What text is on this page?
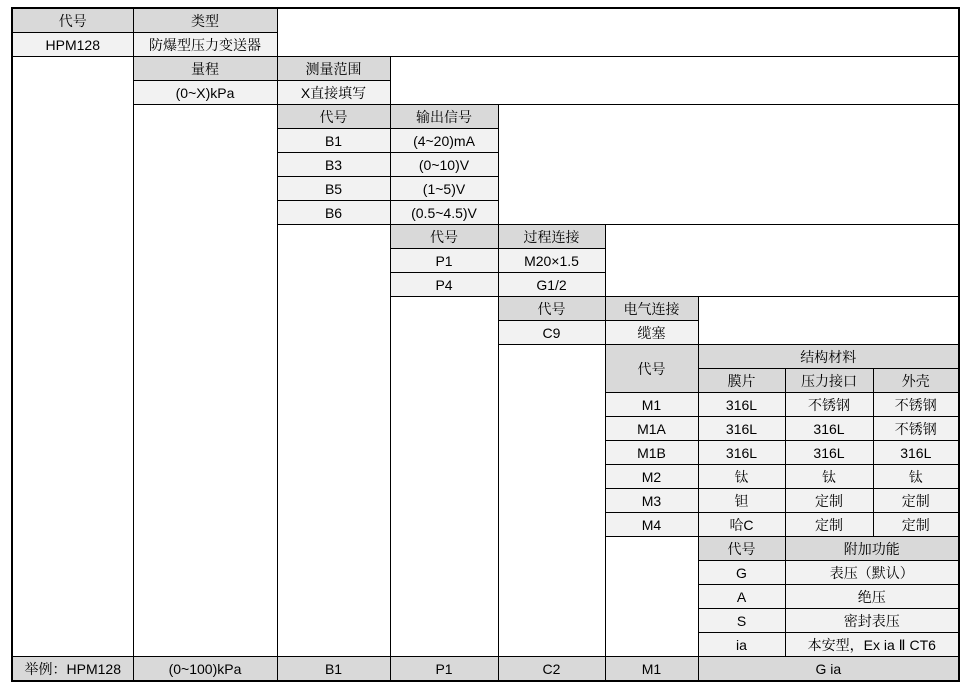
代号	类型							
HPM128	防爆型压力变送器							
	量程	测量范围						
	(0~X)kPa	X直接填写						
		代号	输出信号					
		B1	(4~20)mA					
		B3	(0~10)V					
		B5	(1~5)V					
		B6	(0.5~4.5)V					
			代号	过程连接				
			P1	M20×1.5				
			P4	G1/2				
				代号	电气连接			
				C9	缆塞			
					代号	结构材料		
						膜片	压力接口	外壳
					M1	316L	不锈钢	不锈钢
					M1A	316L	316L	不锈钢
					M1B	316L	316L	316L
					M2	钛	钛	钛
					M3	钽	定制	定制
					M4	哈C	定制	定制
						代号	附加功能	
						G	表压（默认）	
						A	绝压	
						S	密封表压	
						ia	本安型，Ex ia Ⅱ CT6	
举例：HPM128	(0~100)kPa	B1	P1	C2	M1	G ia		
